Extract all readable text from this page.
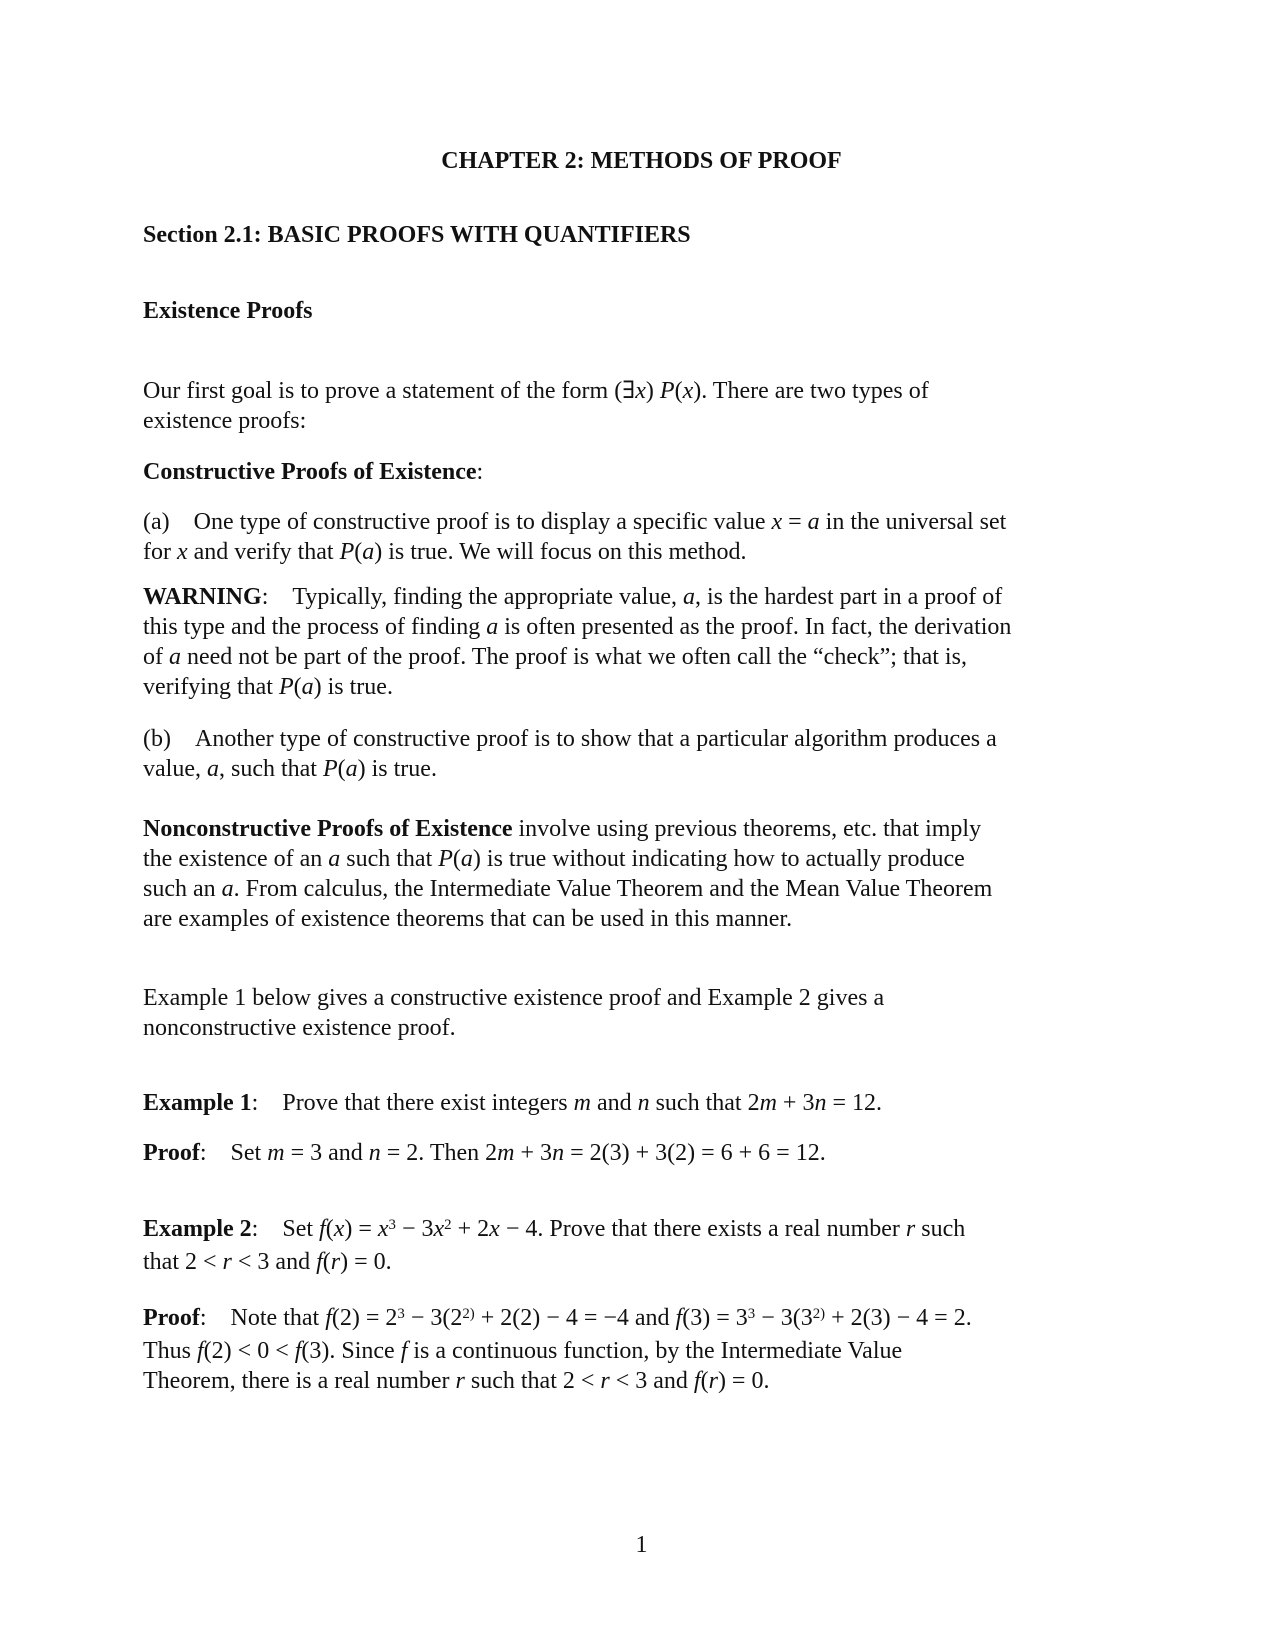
CHAPTER 2: METHODS OF PROOF
Section 2.1: BASIC PROOFS WITH QUANTIFIERS
Existence Proofs
Our first goal is to prove a statement of the form (∃x) P(x). There are two types of
existence proofs:
Constructive Proofs of Existence:
(a) One type of constructive proof is to display a specific value x = a in the universal set
for x and verify that P(a) is true. We will focus on this method.
WARNING: Typically, finding the appropriate value, a, is the hardest part in a proof of
this type and the process of finding a is often presented as the proof. In fact, the derivation
of a need not be part of the proof. The proof is what we often call the “check”; that is,
verifying that P(a) is true.
(b) Another type of constructive proof is to show that a particular algorithm produces a
value, a, such that P(a) is true.
Nonconstructive Proofs of Existence involve using previous theorems, etc. that imply
the existence of an a such that P(a) is true without indicating how to actually produce
such an a. From calculus, the Intermediate Value Theorem and the Mean Value Theorem
are examples of existence theorems that can be used in this manner.
Example 1 below gives a constructive existence proof and Example 2 gives a
nonconstructive existence proof.
Example 1: Prove that there exist integers m and n such that 2m + 3n = 12.
Proof: Set m = 3 and n = 2. Then 2m + 3n = 2(3) + 3(2) = 6 + 6 = 12.
Example 2: Set $f(x) = x^3 - 3x^2 + 2x - 4$. Prove that there exists a real number r such
that 2 < r < 3 and f(r) = 0.
Proof: Note that $f(2) = 2^3 - 3(2^{2)} + 2(2) - 4 = -4$ and $f(3) = 3^3 - 3(3^{2)} + 2(3) - 4 = 2$.
Thus f(2) < 0 < f(3). Since f is a continuous function, by the Intermediate Value
Theorem, there is a real number r such that 2 < r < 3 and f(r) = 0.
1
